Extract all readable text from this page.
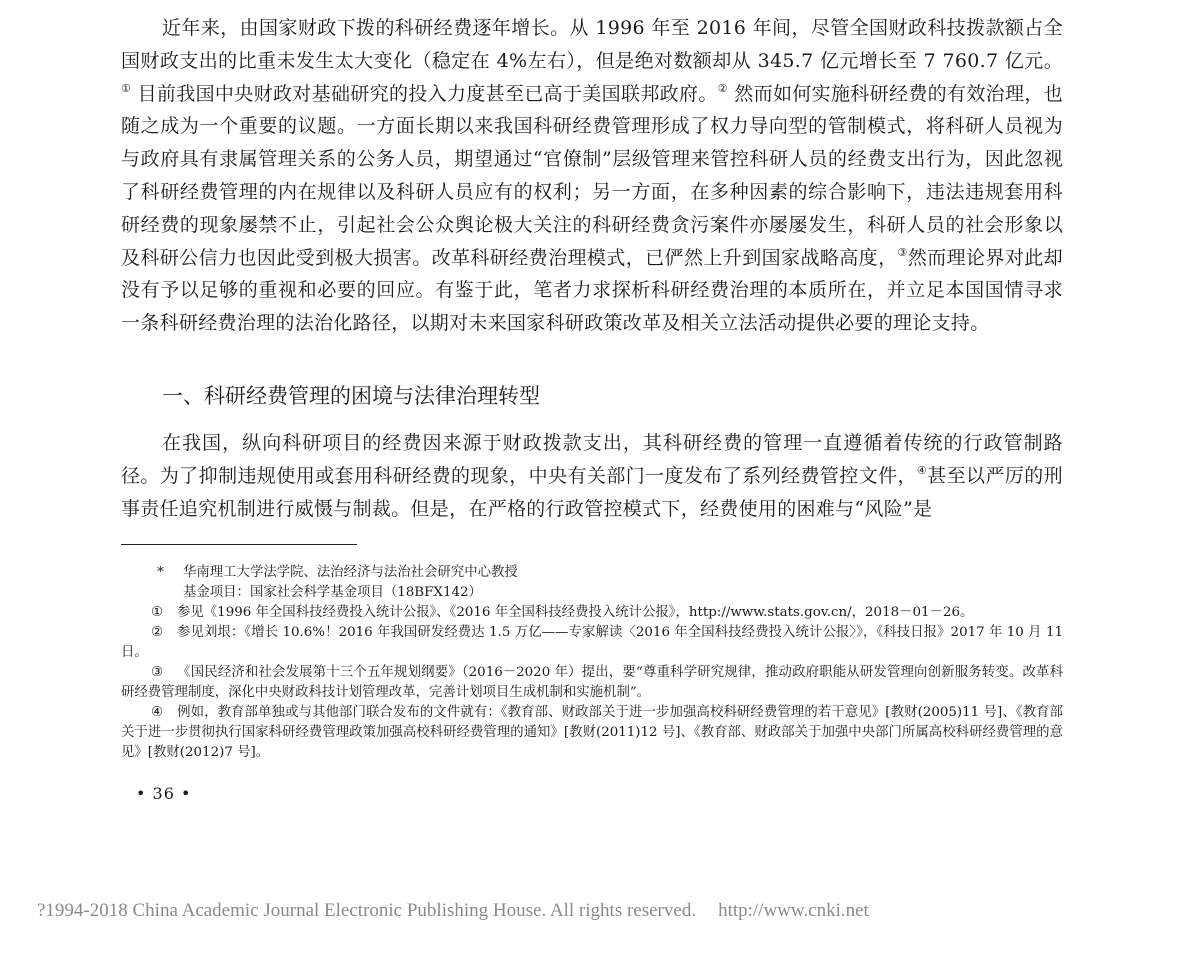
近年来，由国家财政下拨的科研经费逐年增长。从 1996 年至 2016 年间，尽管全国财政科技拨款额占全国财政支出的比重未发生太大变化（稳定在 4%左右），但是绝对数额却从 345.7 亿元增长至 7 760.7 亿元。① 目前我国中央财政对基础研究的投入力度甚至已高于美国联邦政府。② 然而如何实施科研经费的有效治理，也随之成为一个重要的议题。一方面长期以来我国科研经费管理形成了权力导向型的管制模式，将科研人员视为与政府具有隶属管理关系的公务人员，期望通过“官僚制”层级管理来管控科研人员的经费支出行为，因此忽视了科研经费管理的内在规律以及科研人员应有的权利；另一方面，在多种因素的综合影响下，违法违规套用科研经费的现象屡禁不止，引起社会公众舆论极大关注的科研经费贪污案件亦屡屡发生，科研人员的社会形象以及科研公信力也因此受到极大损害。改革科研经费治理模式，已俨然上升到国家战略高度，③然而理论界对此却没有予以足够的重视和必要的回应。有鉴于此，笔者力求探析科研经费治理的本质所在，并立足本国国情寻求一条科研经费治理的法治化路径，以期对未来国家科研政策改革及相关立法活动提供必要的理论支持。

一、科研经费管理的困境与法律治理转型

在我国，纵向科研项目的经费因来源于财政拨款支出，其科研经费的管理一直遵循着传统的行政管制路径。为了抑制违规使用或套用科研经费的现象，中央有关部门一度发布了系列经费管控文件，④甚至以严厉的刑事责任追究机制进行威慑与制裁。但是，在严格的行政管控模式下，经费使用的困难与“风险”是

* 华南理工大学法学院、法治经济与法治社会研究中心教授

基金项目：国家社会科学基金项目（18BFX142）

① 参见《1996 年全国科技经费投入统计公报》、《2016 年全国科技经费投入统计公报》，http://www.stats.gov.cn/，2018－01－26。

② 参见刘垠：《增长 10.6%！2016 年我国研发经费达 1.5 万亿——专家解读〈2016 年全国科技经费投入统计公报〉》，《科技日报》2017 年 10 月 11 日。

③ 《国民经济和社会发展第十三个五年规划纲要》（2016－2020 年）提出，要“尊重科学研究规律，推动政府职能从研发管理向创新服务转变。改革科研经费管理制度，深化中央财政科技计划管理改革，完善计划项目生成机制和实施机制”。

④ 例如，教育部单独或与其他部门联合发布的文件就有：《教育部、财政部关于进一步加强高校科研经费管理的若干意见》[教财(2005)11 号]、《教育部关于进一步贯彻执行国家科研经费管理政策加强高校科研经费管理的通知》[教财(2011)12 号]、《教育部、财政部关于加强中央部门所属高校科研经费管理的意见》[教财(2012)7 号]。

• 36 •
?1994-2018 China Academic Journal Electronic Publishing House. All rights reserved. http://www.cnki.net
